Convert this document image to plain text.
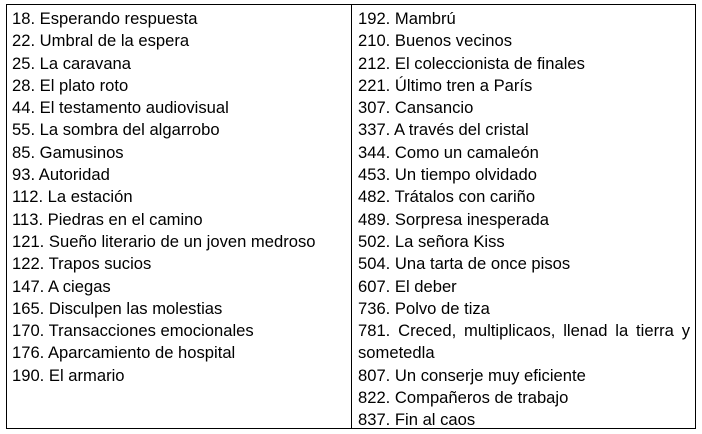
18. Esperando respuesta

22. Umbral de la espera

25. La caravana

28. El plato roto

44. El testamento audiovisual

55. La sombra del algarrobo

85. Gamusinos

93. Autoridad

112. La estación

113. Piedras en el camino

121. Sueño literario de un joven medroso

122. Trapos sucios

147. A ciegas

165. Disculpen las molestias

170. Transacciones emocionales

176. Aparcamiento de hospital

190. El armario

192. Mambrú

210. Buenos vecinos

212. El coleccionista de finales

221. Último tren a París

307. Cansancio

337. A través del cristal

344. Como un camaleón

453. Un tiempo olvidado

482. Trátalos con cariño

489. Sorpresa inesperada

502. La señora Kiss

504. Una tarta de once pisos

607. El deber

736. Polvo de tiza

781. Creced, multiplicaos, llenad la tierra y sometedla

807. Un conserje muy eficiente

822. Compañeros de trabajo

837. Fin al caos
